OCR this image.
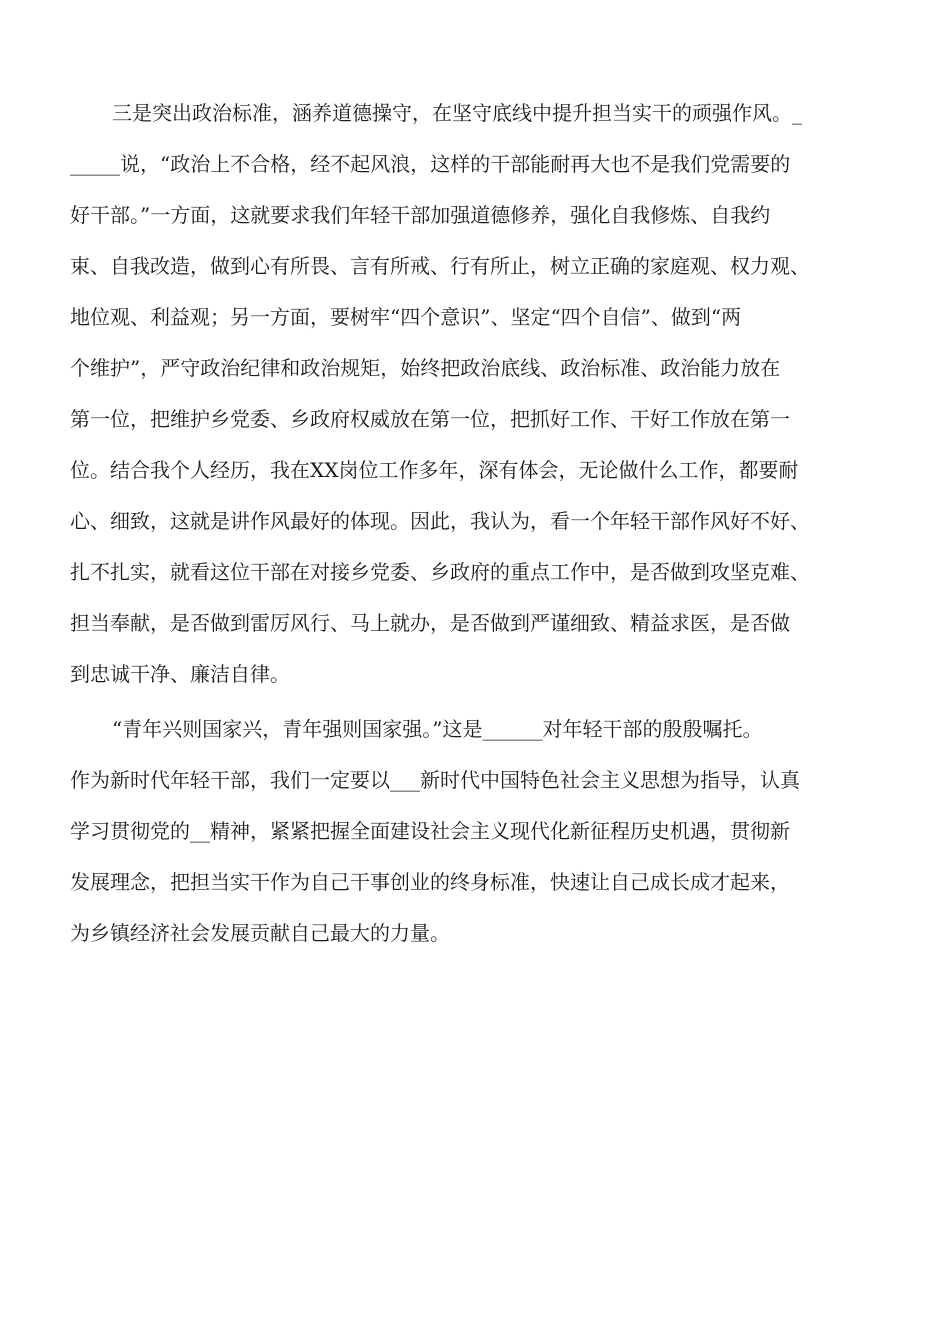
三是突出政治标准，涵养道德操守，在坚守底线中提升担当实干的顽强作风。_
_____说，“政治上不合格，经不起风浪，这样的干部能耐再大也不是我们党需要的
好干部。”一方面，这就要求我们年轻干部加强道德修养，强化自我修炼、自我约
束、自我改造，做到心有所畏、言有所戒、行有所止，树立正确的家庭观、权力观、
地位观、利益观；另一方面，要树牢“四个意识”、坚定“四个自信”、做到“两
个维护”，严守政治纪律和政治规矩，始终把政治底线、政治标准、政治能力放在
第一位，把维护乡党委、乡政府权威放在第一位，把抓好工作、干好工作放在第一
位。结合我个人经历，我在XX岗位工作多年，深有体会，无论做什么工作，都要耐
心、细致，这就是讲作风最好的体现。因此，我认为，看一个年轻干部作风好不好、
扎不扎实，就看这位干部在对接乡党委、乡政府的重点工作中，是否做到攻坚克难、
担当奉献，是否做到雷厉风行、马上就办，是否做到严谨细致、精益求医，是否做
到忠诚干净、廉洁自律。
“青年兴则国家兴，青年强则国家强。”这是______对年轻干部的殷殷嘱托。
作为新时代年轻干部，我们一定要以___新时代中国特色社会主义思想为指导，认真
学习贯彻党的__精神，紧紧把握全面建设社会主义现代化新征程历史机遇，贯彻新
发展理念，把担当实干作为自己干事创业的终身标准，快速让自己成长成才起来，
为乡镇经济社会发展贡献自己最大的力量。
